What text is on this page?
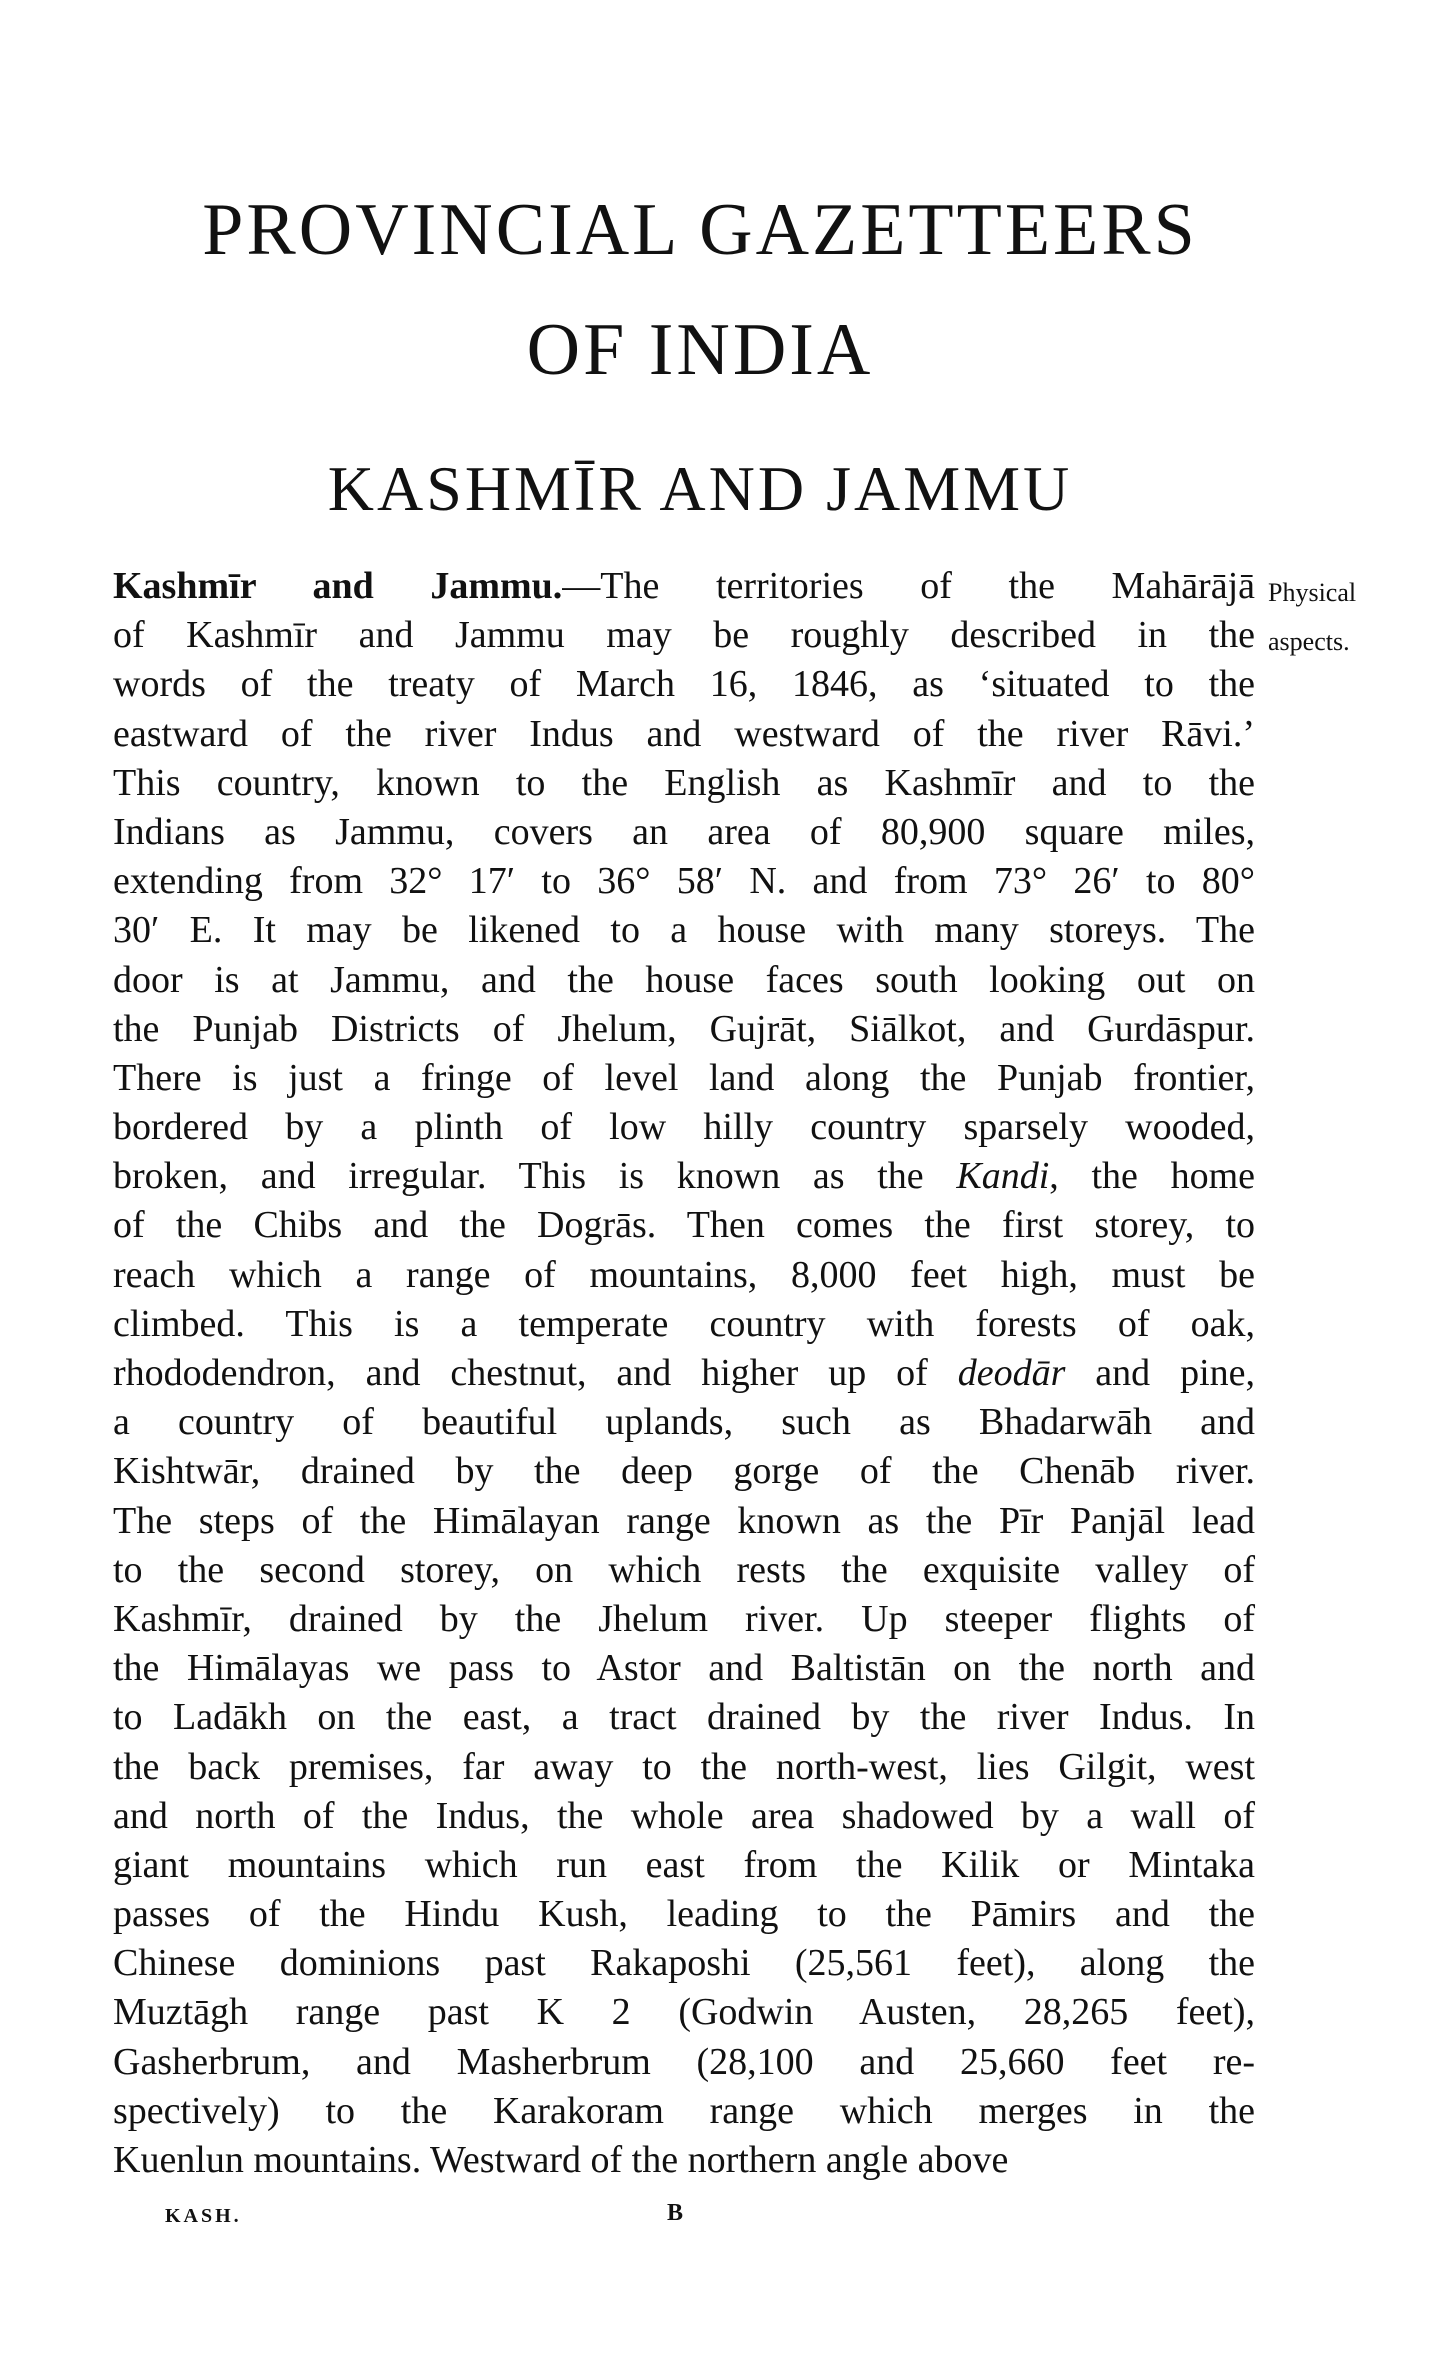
PROVINCIAL GAZETTEERS
OF INDIA
KASHMĪR AND JAMMU
Physical
aspects.
Kashmīr and Jammu.—The territories of the Mahārājā
of Kashmīr and Jammu may be roughly described in the
words of the treaty of March 16, 1846, as ‘situated to the
eastward of the river Indus and westward of the river Rāvi.’
This country, known to the English as Kashmīr and to the
Indians as Jammu, covers an area of 80,900 square miles,
extending from 32° 17′ to 36° 58′ N. and from 73° 26′ to 80°
30′ E. It may be likened to a house with many storeys. The
door is at Jammu, and the house faces south looking out on
the Punjab Districts of Jhelum, Gujrāt, Siālkot, and Gurdāspur.
There is just a fringe of level land along the Punjab frontier,
bordered by a plinth of low hilly country sparsely wooded,
broken, and irregular. This is known as the Kandi, the home
of the Chibs and the Dogrās. Then comes the first storey, to
reach which a range of mountains, 8,000 feet high, must be
climbed. This is a temperate country with forests of oak,
rhododendron, and chestnut, and higher up of deodār and pine,
a country of beautiful uplands, such as Bhadarwāh and
Kishtwār, drained by the deep gorge of the Chenāb river.
The steps of the Himālayan range known as the Pīr Panjāl lead
to the second storey, on which rests the exquisite valley of
Kashmīr, drained by the Jhelum river. Up steeper flights of
the Himālayas we pass to Astor and Baltistān on the north and
to Ladākh on the east, a tract drained by the river Indus. In
the back premises, far away to the north-west, lies Gilgit, west
and north of the Indus, the whole area shadowed by a wall of
giant mountains which run east from the Kilik or Mintaka
passes of the Hindu Kush, leading to the Pāmirs and the
Chinese dominions past Rakaposhi (25,561 feet), along the
Muztāgh range past K 2 (Godwin Austen, 28,265 feet),
Gasherbrum, and Masherbrum (28,100 and 25,660 feet re-
spectively) to the Karakoram range which merges in the
Kuenlun mountains. Westward of the northern angle above
KASH.	B
